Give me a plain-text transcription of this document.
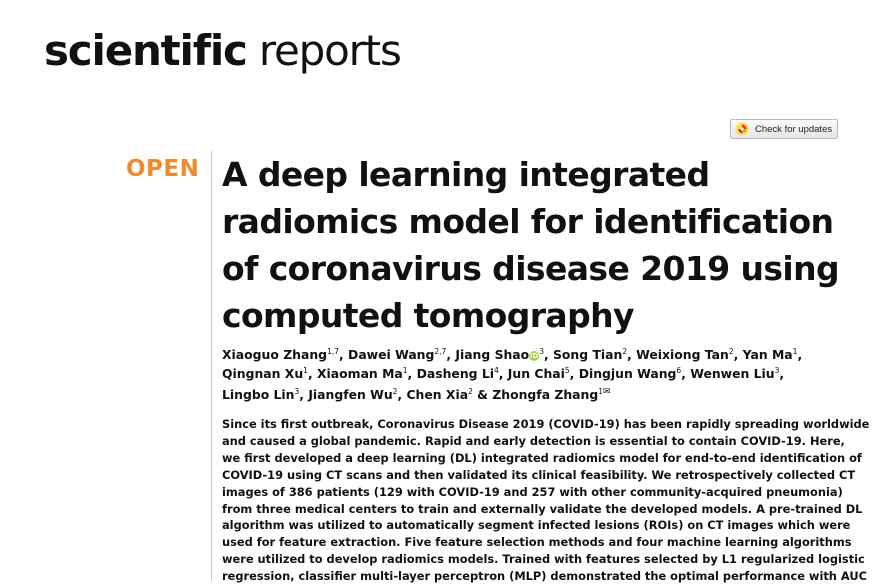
scientific reports
Check for updates
OPEN A deep learning integrated
radiomics model for identification
of coronavirus disease 2019 using
computed tomography
Xiaoguo Zhang$^{1,7}$, Dawei Wang$^{2,7}$, Jiang ShaoiD$^3$, Song Tian$^2$, Weixiong Tan$^2$, Yan Ma$^1$,
Qingnan Xu$^1$, Xiaoman Ma$^1$, Dasheng Li$^4$, Jun Chai$^5$, Dingjun Wang$^6$, Wenwen Liu$^3$,
Lingbo Lin$^3$, Jiangfen Wu$^2$, Chen Xia$^2$ & Zhongfa Zhang$^{1✉}$
Since its first outbreak, Coronavirus Disease 2019 (COVID-19) has been rapidly spreading worldwide
and caused a global pandemic. Rapid and early detection is essential to contain COVID-19. Here,
we first developed a deep learning (DL) integrated radiomics model for end-to-end identification of
COVID-19 using CT scans and then validated its clinical feasibility. We retrospectively collected CT
images of 386 patients (129 with COVID-19 and 257 with other community-acquired pneumonia)
from three medical centers to train and externally validate the developed models. A pre-trained DL
algorithm was utilized to automatically segment infected lesions (ROIs) on CT images which were
used for feature extraction. Five feature selection methods and four machine learning algorithms
were utilized to develop radiomics models. Trained with features selected by L1 regularized logistic
regression, classifier multi-layer perceptron (MLP) demonstrated the optimal performance with AUC
